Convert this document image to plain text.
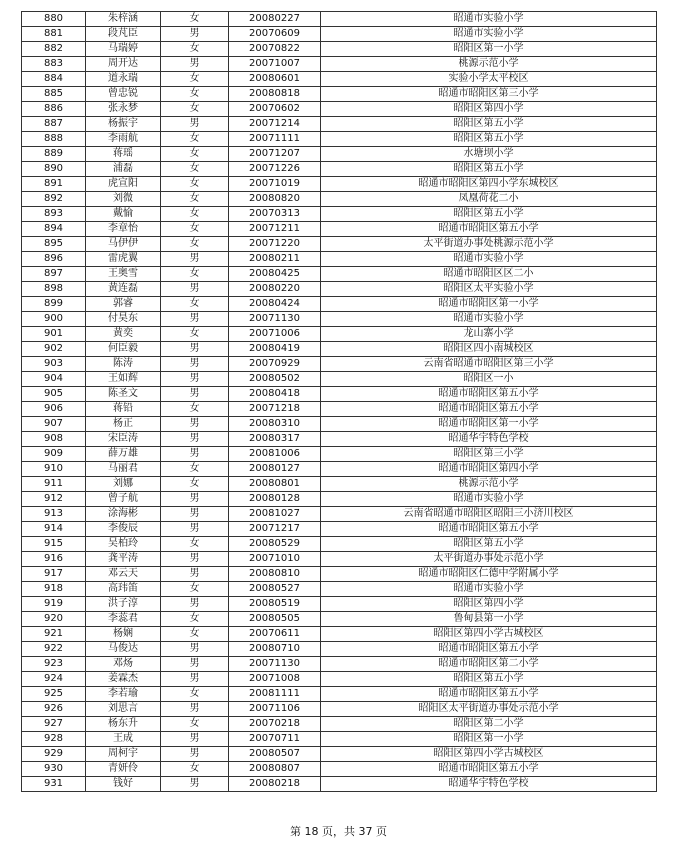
880	朱梓涵	女	20080227	昭通市实验小学
881	段芃臣	男	20070609	昭通市实验小学
882	马瑞婷	女	20070822	昭阳区第一小学
883	周开达	男	20071007	桃源示范小学
884	道永瑞	女	20080601	实验小学太平校区
885	曾忠锐	女	20080818	昭通市昭阳区第三小学
886	张永梦	女	20070602	昭阳区第四小学
887	杨振宇	男	20071214	昭阳区第五小学
888	李雨航	女	20071111	昭阳区第五小学
889	蒋瑶	女	20071207	水塘坝小学
890	浦磊	女	20071226	昭阳区第五小学
891	虎宣阳	女	20071019	昭通市昭阳区第四小学东城校区
892	刘微	女	20080820	凤凰荷花二小
893	戴愉	女	20070313	昭阳区第五小学
894	李章怡	女	20071211	昭通市昭阳区第五小学
895	马伊伊	女	20071220	太平街道办事处桃源示范小学
896	雷虎翼	男	20080211	昭通市实验小学
897	王奥雪	女	20080425	昭通市昭阳区区二小
898	黄连磊	男	20080220	昭阳区太平实验小学
899	郭睿	女	20080424	昭通市昭阳区第一小学
900	付昊东	男	20071130	昭通市实验小学
901	黄奕	女	20071006	龙山寨小学
902	何臣毅	男	20080419	昭阳区四小南城校区
903	陈涛	男	20070929	云南省昭通市昭阳区第三小学
904	王如辉	男	20080502	昭阳区一小
905	陈圣文	男	20080418	昭通市昭阳区第五小学
906	蒋铅	女	20071218	昭通市昭阳区第五小学
907	杨正	男	20080310	昭通市昭阳区第一小学
908	宋臣涛	男	20080317	昭通华宇特色学校
909	薛万雄	男	20081006	昭阳区第三小学
910	马丽君	女	20080127	昭通市昭阳区第四小学
911	刘娜	女	20080801	桃源示范小学
912	曾子航	男	20080128	昭通市实验小学
913	涂海彬	男	20081027	云南省昭通市昭阳区昭阳三小济川校区
914	李俊辰	男	20071217	昭通市昭阳区第五小学
915	吴柏玲	女	20080529	昭阳区第五小学
916	龚平涛	男	20071010	太平街道办事处示范小学
917	邓云天	男	20080810	昭通市昭阳区仁德中学附属小学
918	高玮笛	女	20080527	昭通市实验小学
919	洪子淳	男	20080519	昭阳区第四小学
920	李蕊君	女	20080505	鲁甸县第一小学
921	杨娴	女	20070611	昭阳区第四小学古城校区
922	马俊达	男	20080710	昭通市昭阳区第五小学
923	邓炀	男	20071130	昭通市昭阳区第二小学
924	姜霖杰	男	20071008	昭阳区第五小学
925	李若瑜	女	20081111	昭通市昭阳区第五小学
926	刘思言	男	20071106	昭阳区太平街道办事处示范小学
927	杨东升	女	20070218	昭阳区第二小学
928	王成	男	20070711	昭阳区第一小学
929	周柯宇	男	20080507	昭阳区第四小学古城校区
930	青妍伶	女	20080807	昭通市昭阳区第五小学
931	钱好	男	20080218	昭通华宇特色学校
第 18 页，共 37 页
